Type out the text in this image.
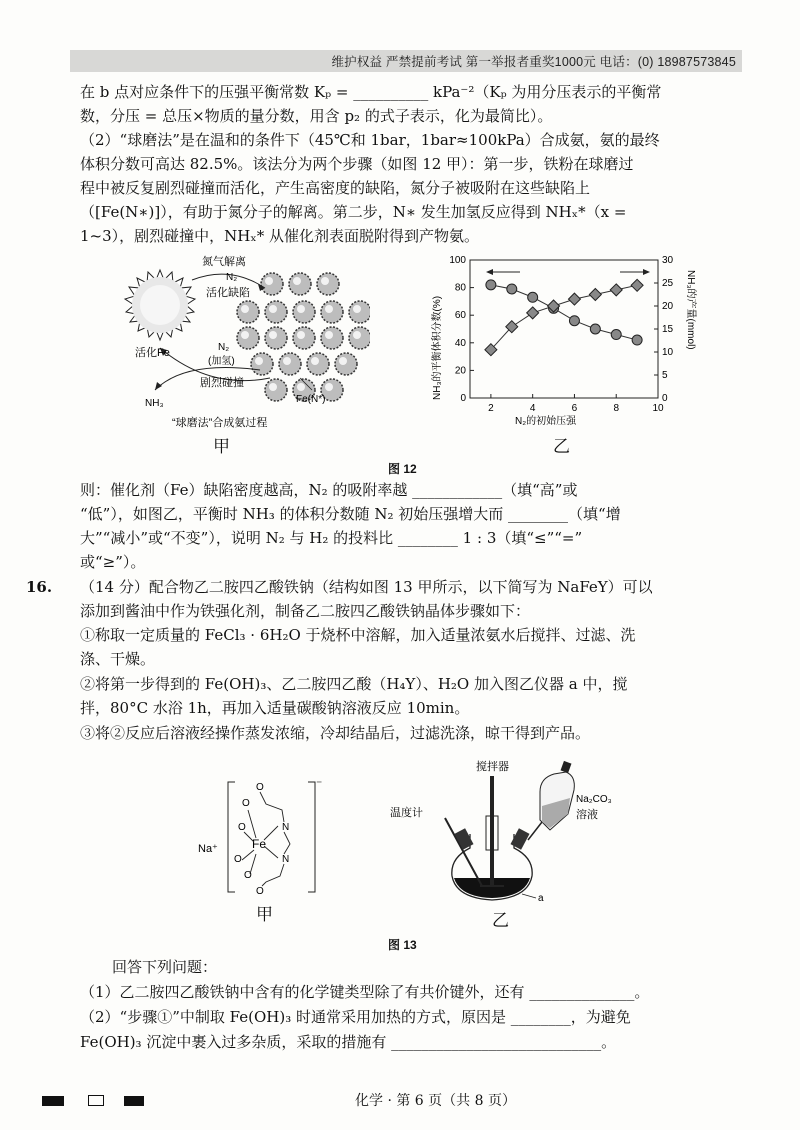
维护权益 严禁提前考试 第一举报者重奖1000元 电话：(0) 18987573845
在 b 点对应条件下的压强平衡常数 Kₚ = __________ kPa⁻²（Kₚ 为用分压表示的平衡常
数，分压 = 总压×物质的量分数，用含 p₂ 的式子表示，化为最简比）。
（2）“球磨法”是在温和的条件下（45℃和 1bar，1bar≈100kPa）合成氨，氨的最终
体积分数可高达 82.5%。该法分为两个步骤（如图 12 甲）：第一步，铁粉在球磨过
程中被反复剧烈碰撞而活化，产生高密度的缺陷，氮分子被吸附在这些缺陷上
（[Fe(N∗)]），有助于氮分子的解离。第二步，N∗ 发生加氢反应得到 NHₓ*（x =
1~3），剧烈碰撞中，NHₓ* 从催化剂表面脱附得到产物氨。
氮气解离
N₂
活化缺陷
活化Fe	N₂
(加氢)
剧烈碰撞
NH₃	Fe(N*)
“球磨法”合成氨过程
甲
2	4	6	8	10
0
20
40
60
80
100
0
5
10
15
20
25
30
NH₃的平衡体积分数(%)	NH₃的产量(mmol)
N₂的初始压强
乙
图 12
则：催化剂（Fe）缺陷密度越高，N₂ 的吸附率越 ____________（填“高”或
“低”），如图乙，平衡时 NH₃ 的体积分数随 N₂ 初始压强增大而 ________（填“增
大”“减小”或“不变”），说明 N₂ 与 H₂ 的投料比 ________ 1 : 3（填“≤”“=”
或“≥”）。
16. （14 分）配合物乙二胺四乙酸铁钠（结构如图 13 甲所示，以下简写为 NaFeY）可以
添加到酱油中作为铁强化剂，制备乙二胺四乙酸铁钠晶体步骤如下：
①称取一定质量的 FeCl₃ · 6H₂O 于烧杯中溶解，加入适量浓氨水后搅拌、过滤、洗
涤、干燥。
②将第一步得到的 Fe(OH)₃、乙二胺四乙酸（H₄Y）、H₂O 加入图乙仪器 a 中，搅
拌，80°C 水浴 1h，再加入适量碳酸钠溶液反应 10min。
③将②反应后溶液经操作蒸发浓缩，冷却结晶后，过滤洗涤，晾干得到产品。
Na⁺
⁻
Fe
N
N
O
O
O
O
O
O
甲
搅拌器
温度计
Na₂CO₃
溶液
a
乙
图 13
回答下列问题：
（1）乙二胺四乙酸铁钠中含有的化学键类型除了有共价键外，还有 ______________。
（2）“步骤①”中制取 Fe(OH)₃ 时通常采用加热的方式，原因是 ________，为避免
Fe(OH)₃ 沉淀中裹入过多杂质，采取的措施有 ____________________________。
化学 · 第 6 页（共 8 页）
